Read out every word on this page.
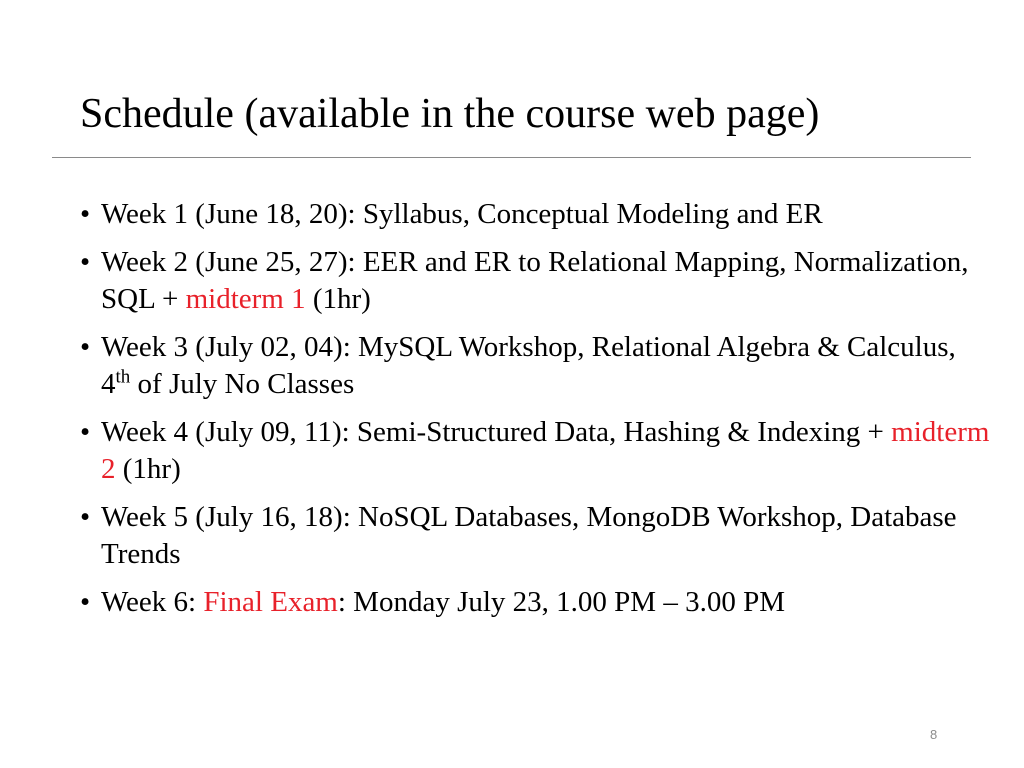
Schedule (available in the course web page)
• Week 1 (June 18, 20): Syllabus, Conceptual Modeling and ER
• Week 2 (June 25, 27): EER and ER to Relational Mapping, Normalization, SQL + midterm 1 (1hr)
• Week 3 (July 02, 04): MySQL Workshop, Relational Algebra & Calculus, 4th of July No Classes
• Week 4 (July 09, 11): Semi-Structured Data, Hashing & Indexing + midterm 2 (1hr)
• Week 5 (July 16, 18): NoSQL Databases, MongoDB Workshop, Database Trends
• Week 6: Final Exam: Monday July 23, 1.00 PM – 3.00 PM
8
